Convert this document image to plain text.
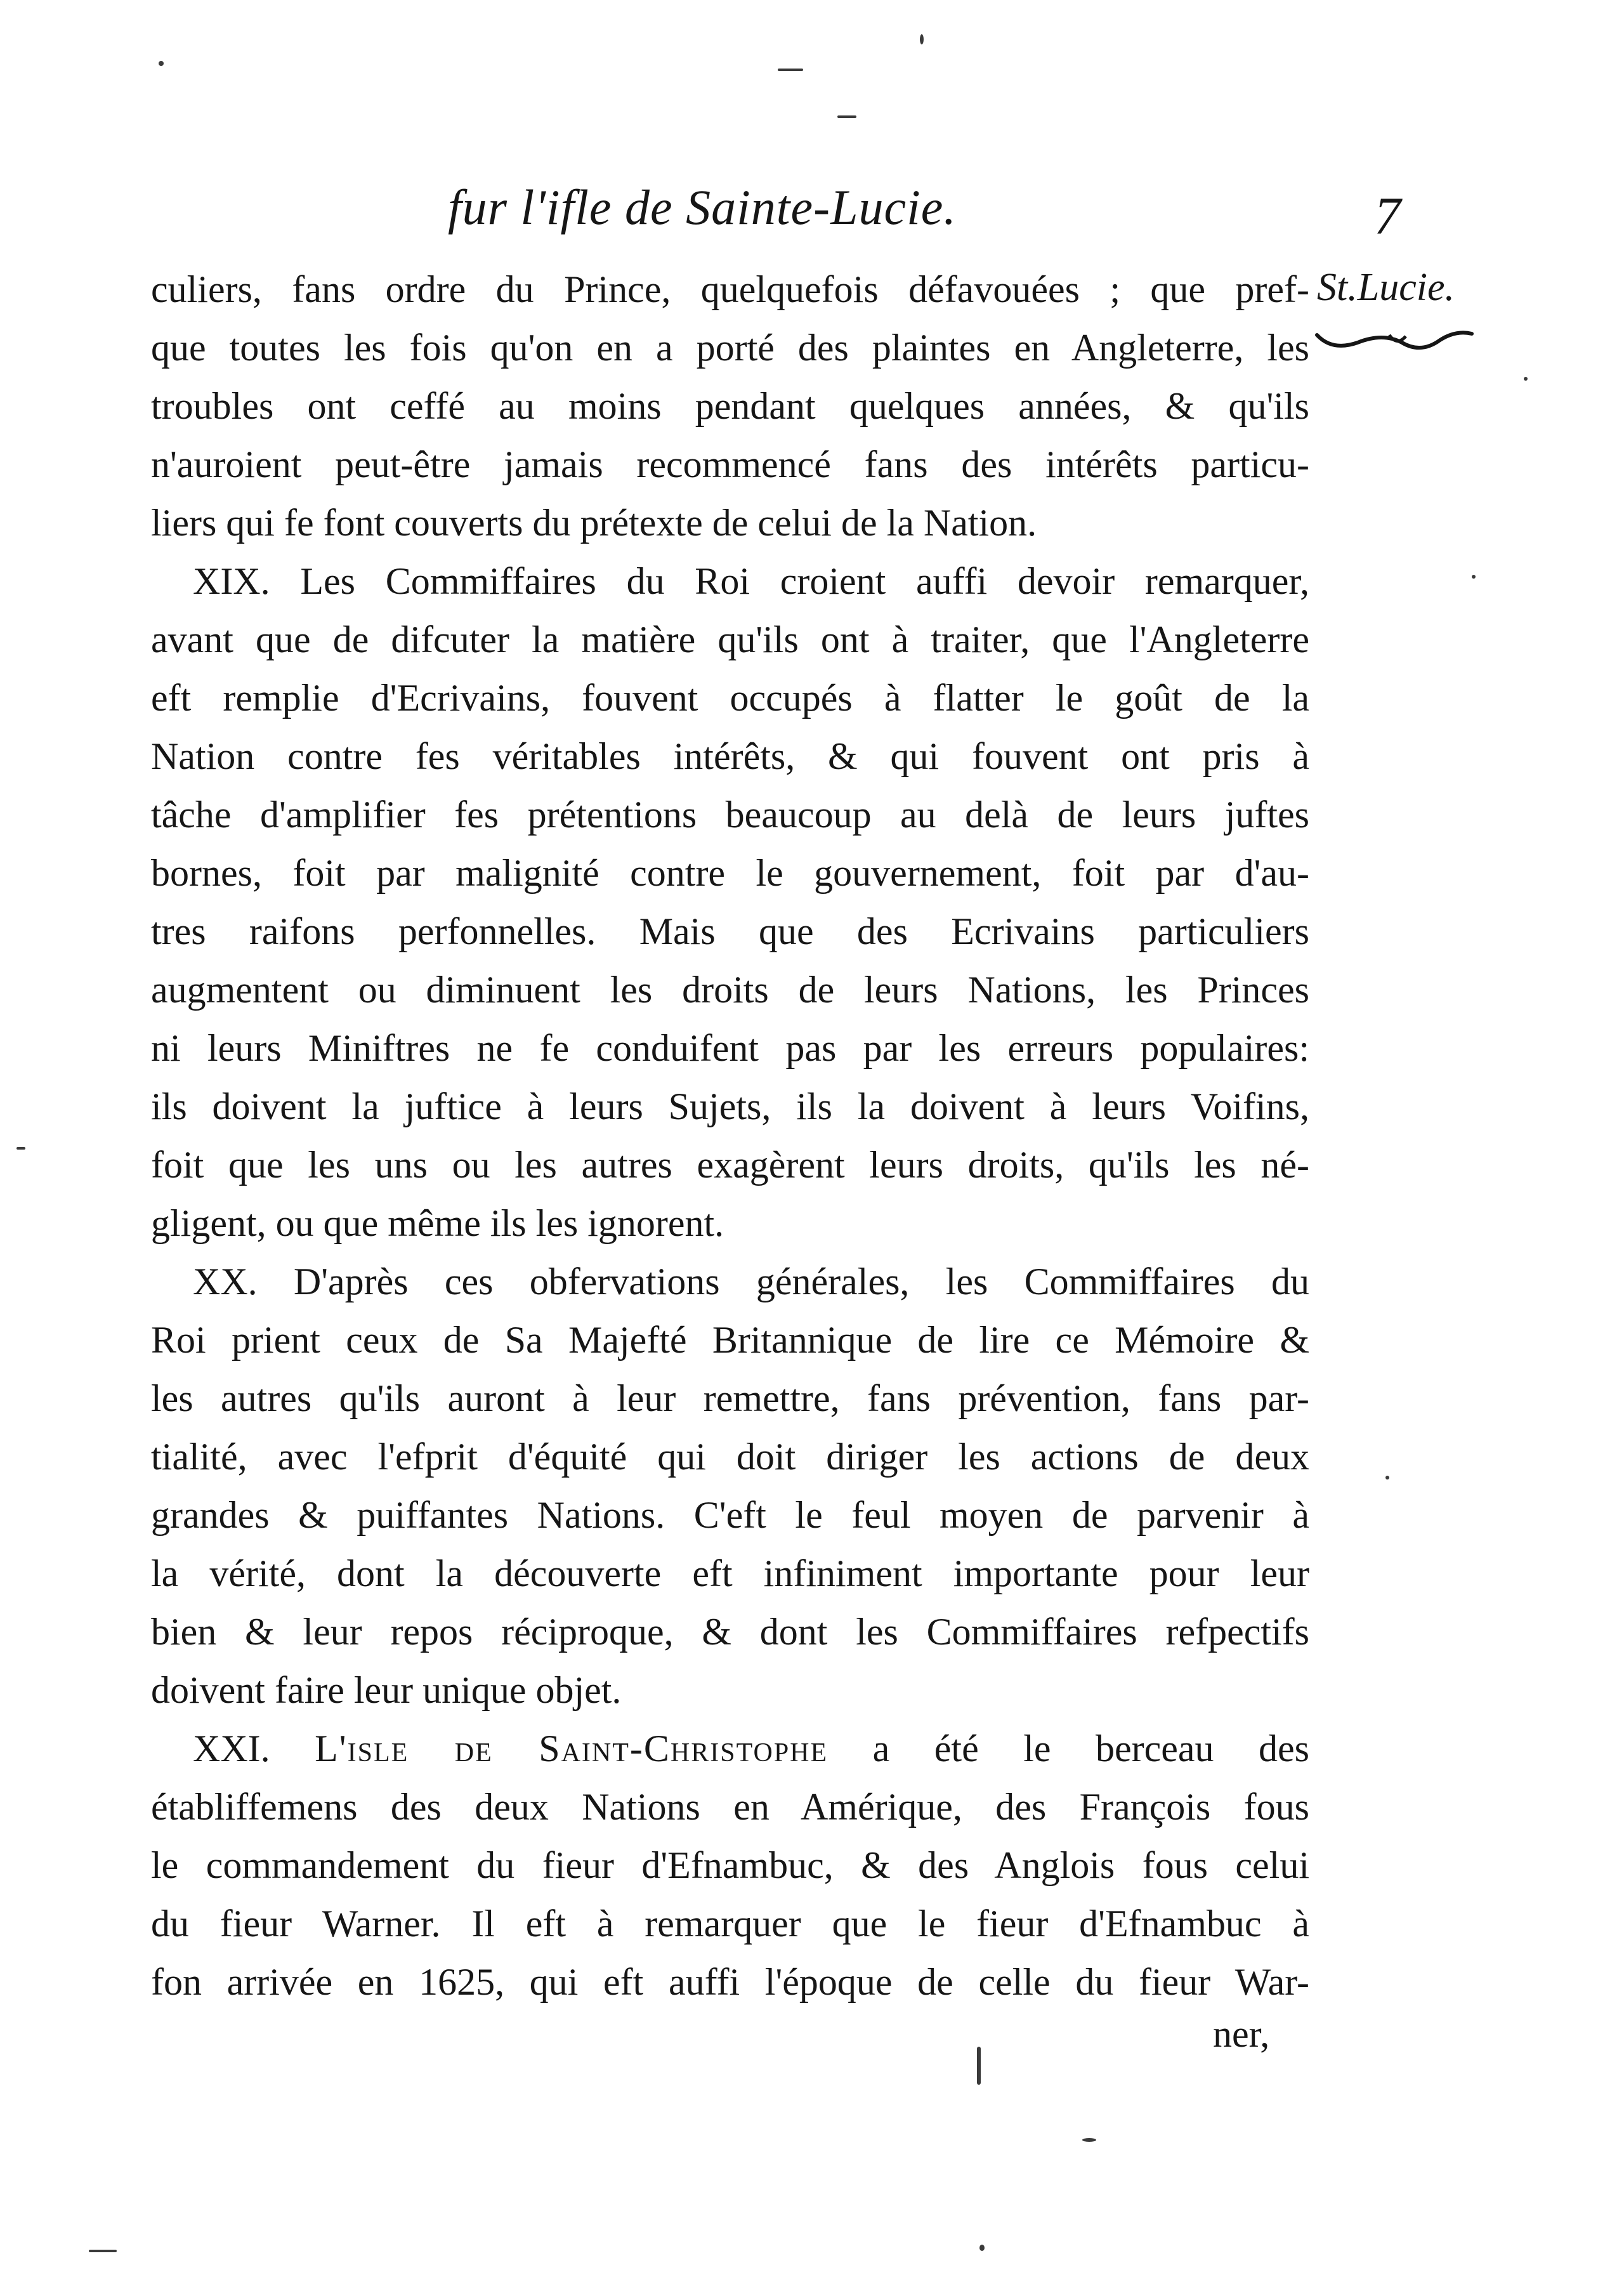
fur l'ifle de Sainte-Lucie.	7
St.Lucie.
culiers, fans ordre du Prince, quelquefois défavouées ; que pref-
que toutes les fois qu'on en a porté des plaintes en Angleterre, les
troubles ont ceffé au moins pendant quelques années, & qu'ils
n'auroient peut-être jamais recommencé fans des intérêts particu-
liers qui fe font couverts du prétexte de celui de la Nation.
XIX. Les Commiffaires du Roi croient auffi devoir remarquer,
avant que de difcuter la matière qu'ils ont à traiter, que l'Angleterre
eft remplie d'Ecrivains, fouvent occupés à flatter le goût de la
Nation contre fes véritables intérêts, & qui fouvent ont pris à
tâche d'amplifier fes prétentions beaucoup au delà de leurs juftes
bornes, foit par malignité contre le gouvernement, foit par d'au-
tres raifons perfonnelles. Mais que des Ecrivains particuliers
augmentent ou diminuent les droits de leurs Nations, les Princes
ni leurs Miniftres ne fe conduifent pas par les erreurs populaires:
ils doivent la juftice à leurs Sujets, ils la doivent à leurs Voifins,
foit que les uns ou les autres exagèrent leurs droits, qu'ils les né-
gligent, ou que même ils les ignorent.
XX. D'après ces obfervations générales, les Commiffaires du
Roi prient ceux de Sa Majefté Britannique de lire ce Mémoire &
les autres qu'ils auront à leur remettre, fans prévention, fans par-
tialité, avec l'efprit d'équité qui doit diriger les actions de deux
grandes & puiffantes Nations. C'eft le feul moyen de parvenir à
la vérité, dont la découverte eft infiniment importante pour leur
bien & leur repos réciproque, & dont les Commiffaires refpectifs
doivent faire leur unique objet.
XXI. L'isle de Saint-Christophe a été le berceau des
établiffemens des deux Nations en Amérique, des François fous
le commandement du fieur d'Efnambuc, & des Anglois fous celui
du fieur Warner. Il eft à remarquer que le fieur d'Efnambuc à
fon arrivée en 1625, qui eft auffi l'époque de celle du fieur War-
ner,
